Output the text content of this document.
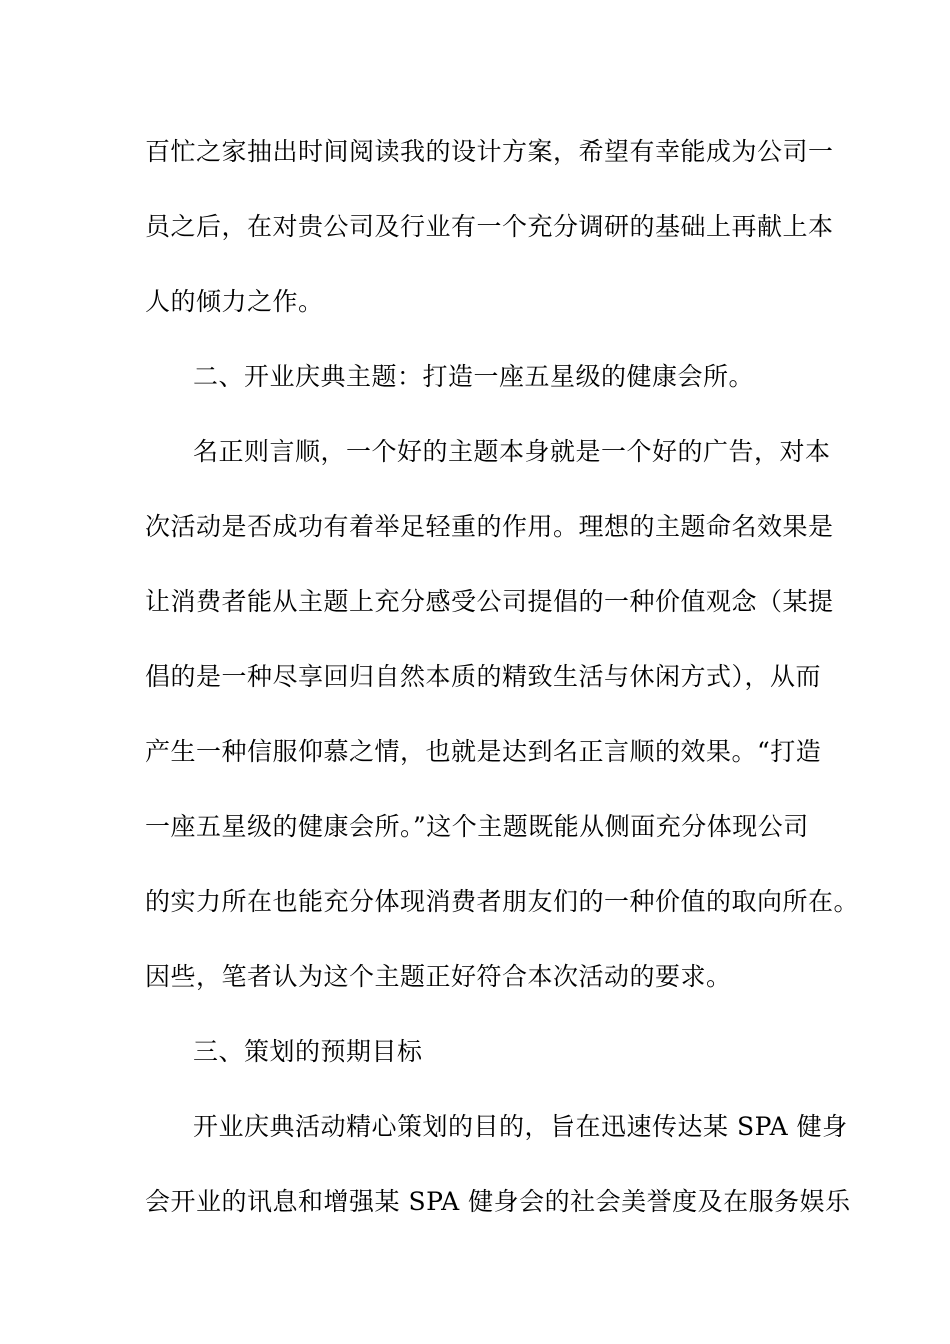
百忙之家抽出时间阅读我的设计方案，希望有幸能成为公司一

员之后，在对贵公司及行业有一个充分调研的基础上再献上本

人的倾力之作。

二、开业庆典主题：打造一座五星级的健康会所。

名正则言顺，一个好的主题本身就是一个好的广告，对本

次活动是否成功有着举足轻重的作用。理想的主题命名效果是

让消费者能从主题上充分感受公司提倡的一种价值观念（某提

倡的是一种尽享回归自然本质的精致生活与休闲方式），从而

产生一种信服仰慕之情，也就是达到名正言顺的效果。“打造

一座五星级的健康会所。”这个主题既能从侧面充分体现公司

的实力所在也能充分体现消费者朋友们的一种价值的取向所在。

因些，笔者认为这个主题正好符合本次活动的要求。

三、策划的预期目标

开业庆典活动精心策划的目的，旨在迅速传达某 SPA 健身

会开业的讯息和增强某 SPA 健身会的社会美誉度及在服务娱乐
